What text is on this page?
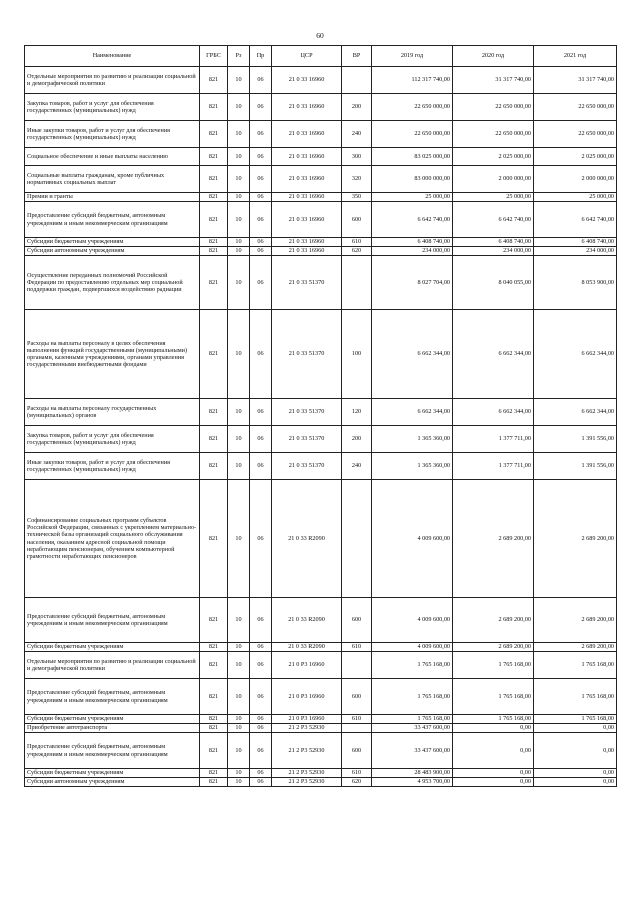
60
Наименование	ГРБС	Рз	Пр	ЦСР	ВР	2019 год	2020 год	2021 год
Отдельные мероприятия по развитию и реализации социальной и демографической политики	821	10	06	21 0 33 16960		112 317 740,00	31 317 740,00	31 317 740,00
Закупка товаров, работ и услуг для обеспечения государственных (муниципальных) нужд	821	10	06	21 0 33 16960	200	22 650 000,00	22 650 000,00	22 650 000,00
Иные закупки товаров, работ и услуг для обеспечения государственных (муниципальных) нужд	821	10	06	21 0 33 16960	240	22 650 000,00	22 650 000,00	22 650 000,00
Социальное обеспечение и иные выплаты населению	821	10	06	21 0 33 16960	300	83 025 000,00	2 025 000,00	2 025 000,00
Социальные выплаты гражданам, кроме публичных нормативных социальных выплат	821	10	06	21 0 33 16960	320	83 000 000,00	2 000 000,00	2 000 000,00
Премии и гранты	821	10	06	21 0 33 16960	350	25 000,00	25 000,00	25 000,00
Предоставление субсидий бюджетным, автономным учреждениям и иным некоммерческим организациям	821	10	06	21 0 33 16960	600	6 642 740,00	6 642 740,00	6 642 740,00
Субсидии бюджетным учреждениям	821	10	06	21 0 33 16960	610	6 408 740,00	6 408 740,00	6 408 740,00
Субсидии автономным учреждениям	821	10	06	21 0 33 16960	620	234 000,00	234 000,00	234 000,00
Осуществление переданных полномочий Российской Федерации по предоставлению отдельных мер социальной поддержки граждан, подвергшихся воздействию радиации	821	10	06	21 0 33 51370		8 027 704,00	8 040 055,00	8 053 900,00
Расходы на выплаты персоналу в целях обеспечения выполнения функций государственными (муниципальными) органами, казенными учреждениями, органами управления государственными внебюджетными фондами	821	10	06	21 0 33 51370	100	6 662 344,00	6 662 344,00	6 662 344,00
Расходы на выплаты персоналу государственных (муниципальных) органов	821	10	06	21 0 33 51370	120	6 662 344,00	6 662 344,00	6 662 344,00
Закупка товаров, работ и услуг для обеспечения государственных (муниципальных) нужд	821	10	06	21 0 33 51370	200	1 365 360,00	1 377 711,00	1 391 556,00
Иные закупки товаров, работ и услуг для обеспечения государственных (муниципальных) нужд	821	10	06	21 0 33 51370	240	1 365 360,00	1 377 711,00	1 391 556,00
Софинансирование социальных программ субъектов Российской Федерации, связанных с укреплением материально-технической базы организаций социального обслуживания населения, оказанием адресной социальной помощи неработающим пенсионерам, обучением компьютерной грамотности неработающих пенсионеров	821	10	06	21 0 33 R2090		4 009 600,00	2 689 200,00	2 689 200,00
Предоставление субсидий бюджетным, автономным учреждениям и иным некоммерческим организациям	821	10	06	21 0 33 R2090	600	4 009 600,00	2 689 200,00	2 689 200,00
Субсидии бюджетным учреждениям	821	10	06	21 0 33 R2090	610	4 009 600,00	2 689 200,00	2 689 200,00
Отдельные мероприятия по развитию и реализации социальной и демографической политики	821	10	06	21 0 P3 16960		1 765 168,00	1 765 168,00	1 765 168,00
Предоставление субсидий бюджетным, автономным учреждениям и иным некоммерческим организациям	821	10	06	21 0 P3 16960	600	1 765 168,00	1 765 168,00	1 765 168,00
Субсидии бюджетным учреждениям	821	10	06	21 0 P3 16960	610	1 765 168,00	1 765 168,00	1 765 168,00
Приобретение автотранспорта	821	10	06	21 2 P3 52930		33 437 600,00	0,00	0,00
Предоставление субсидий бюджетным, автономным учреждениям и иным некоммерческим организациям	821	10	06	21 2 P3 52930	600	33 437 600,00	0,00	0,00
Субсидии бюджетным учреждениям	821	10	06	21 2 P3 52930	610	28 483 900,00	0,00	0,00
Субсидии автономным учреждениям	821	10	06	21 2 P3 52930	620	4 953 700,00	0,00	0,00
